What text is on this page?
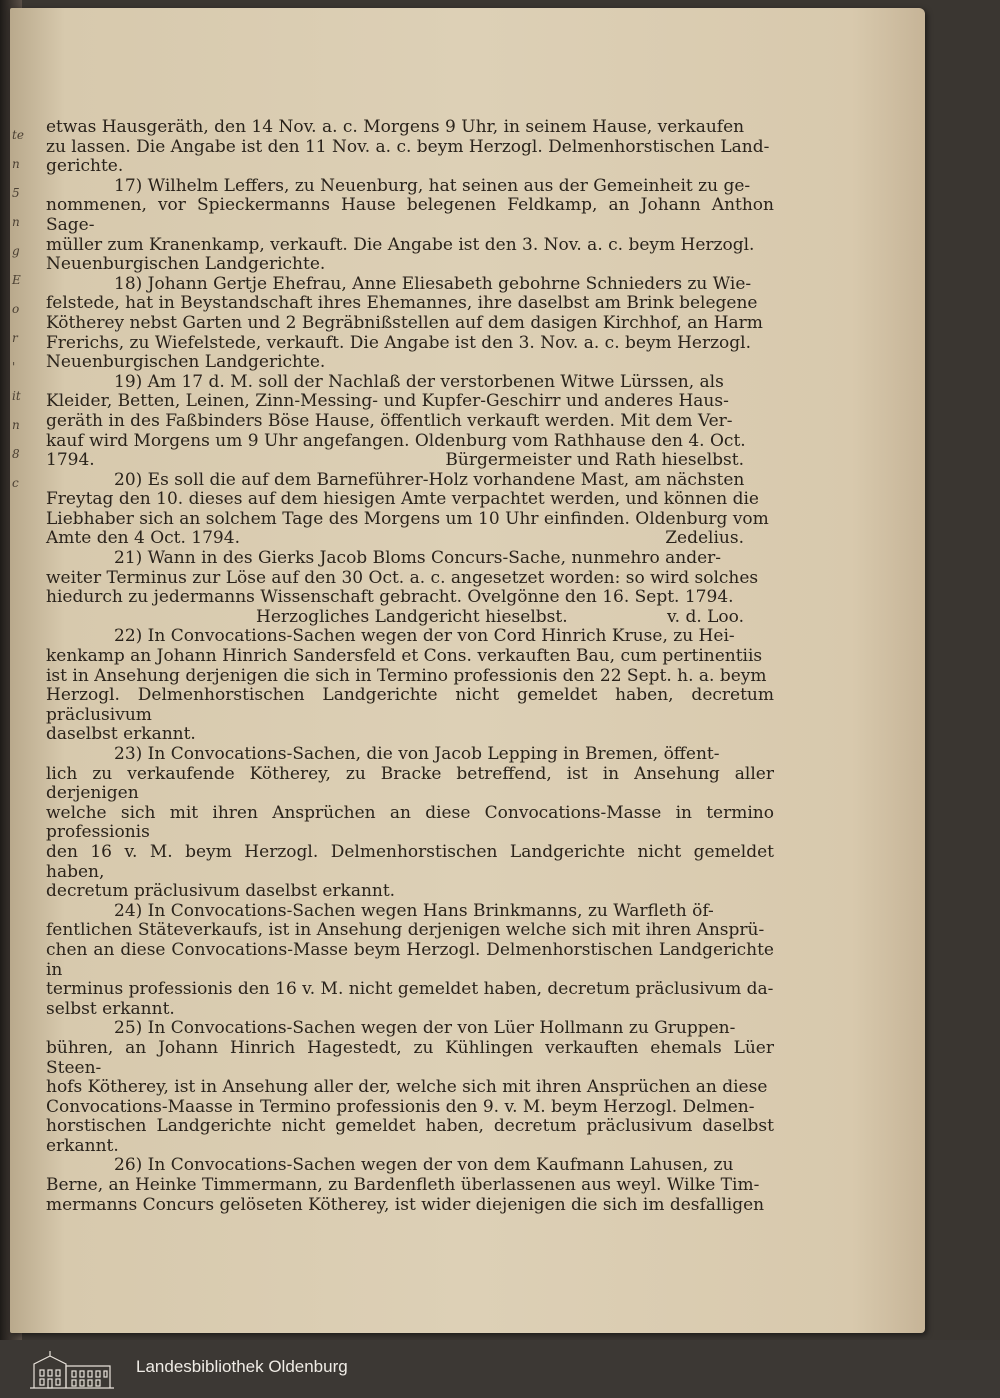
te
n
5
n
g
E
o
r
'
it
n
8
c

etwas Hausgeräth, den 14 Nov. a. c. Morgens 9 Uhr, in seinem Hause, verkaufen

zu lassen. Die Angabe ist den 11 Nov. a. c. beym Herzogl. Delmenhorstischen Land-

gerichte.

17) Wilhelm Leffers, zu Neuenburg, hat seinen aus der Gemeinheit zu ge-

nommenen, vor Spieckermanns Hause belegenen Feldkamp, an Johann Anthon Sage-

müller zum Kranenkamp, verkauft. Die Angabe ist den 3. Nov. a. c. beym Herzogl.

Neuenburgischen Landgerichte.

18) Johann Gertje Ehefrau, Anne Eliesabeth gebohrne Schnieders zu Wie-

felstede, hat in Beystandschaft ihres Ehemannes, ihre daselbst am Brink belegene

Kötherey nebst Garten und 2 Begräbnißstellen auf dem dasigen Kirchhof, an Harm

Frerichs, zu Wiefelstede, verkauft. Die Angabe ist den 3. Nov. a. c. beym Herzogl.

Neuenburgischen Landgerichte.

19) Am 17 d. M. soll der Nachlaß der verstorbenen Witwe Lürssen, als

Kleider, Betten, Leinen, Zinn-Messing- und Kupfer-Geschirr und anderes Haus-

geräth in des Faßbinders Böse Hause, öffentlich verkauft werden. Mit dem Ver-

kauf wird Morgens um 9 Uhr angefangen. Oldenburg vom Rathhause den 4. Oct.

1794.	Bürgermeister und Rath hieselbst.

20) Es soll die auf dem Barneführer-Holz vorhandene Mast, am nächsten

Freytag den 10. dieses auf dem hiesigen Amte verpachtet werden, und können die

Liebhaber sich an solchem Tage des Morgens um 10 Uhr einfinden. Oldenburg vom

Amte den 4 Oct. 1794.	Zedelius.

21) Wann in des Gierks Jacob Bloms Concurs-Sache, nunmehro ander-

weiter Terminus zur Löse auf den 30 Oct. a. c. angesetzet worden: so wird solches

hiedurch zu jedermanns Wissenschaft gebracht. Ovelgönne den 16. Sept. 1794.

Herzogliches Landgericht hieselbst.	v. d. Loo.

22) In Convocations-Sachen wegen der von Cord Hinrich Kruse, zu Hei-

kenkamp an Johann Hinrich Sandersfeld et Cons. verkauften Bau, cum pertinentiis

ist in Ansehung derjenigen die sich in Termino professionis den 22 Sept. h. a. beym

Herzogl. Delmenhorstischen Landgerichte nicht gemeldet haben, decretum präclusivum

daselbst erkannt.

23) In Convocations-Sachen, die von Jacob Lepping in Bremen, öffent-

lich zu verkaufende Kötherey, zu Bracke betreffend, ist in Ansehung aller derjenigen

welche sich mit ihren Ansprüchen an diese Convocations-Masse in termino professionis

den 16 v. M. beym Herzogl. Delmenhorstischen Landgerichte nicht gemeldet haben,

decretum präclusivum daselbst erkannt.

24) In Convocations-Sachen wegen Hans Brinkmanns, zu Warfleth öf-

fentlichen Stäteverkaufs, ist in Ansehung derjenigen welche sich mit ihren Ansprü-

chen an diese Convocations-Masse beym Herzogl. Delmenhorstischen Landgerichte in

terminus professionis den 16 v. M. nicht gemeldet haben, decretum präclusivum da-

selbst erkannt.

25) In Convocations-Sachen wegen der von Lüer Hollmann zu Gruppen-

bühren, an Johann Hinrich Hagestedt, zu Kühlingen verkauften ehemals Lüer Steen-

hofs Kötherey, ist in Ansehung aller der, welche sich mit ihren Ansprüchen an diese

Convocations-Maasse in Termino professionis den 9. v. M. beym Herzogl. Delmen-

horstischen Landgerichte nicht gemeldet haben, decretum präclusivum daselbst erkannt.

26) In Convocations-Sachen wegen der von dem Kaufmann Lahusen, zu

Berne, an Heinke Timmermann, zu Bardenfleth überlassenen aus weyl. Wilke Tim-

mermanns Concurs gelöseten Kötherey, ist wider diejenigen die sich im desfalligen

Landesbibliothek Oldenburg
